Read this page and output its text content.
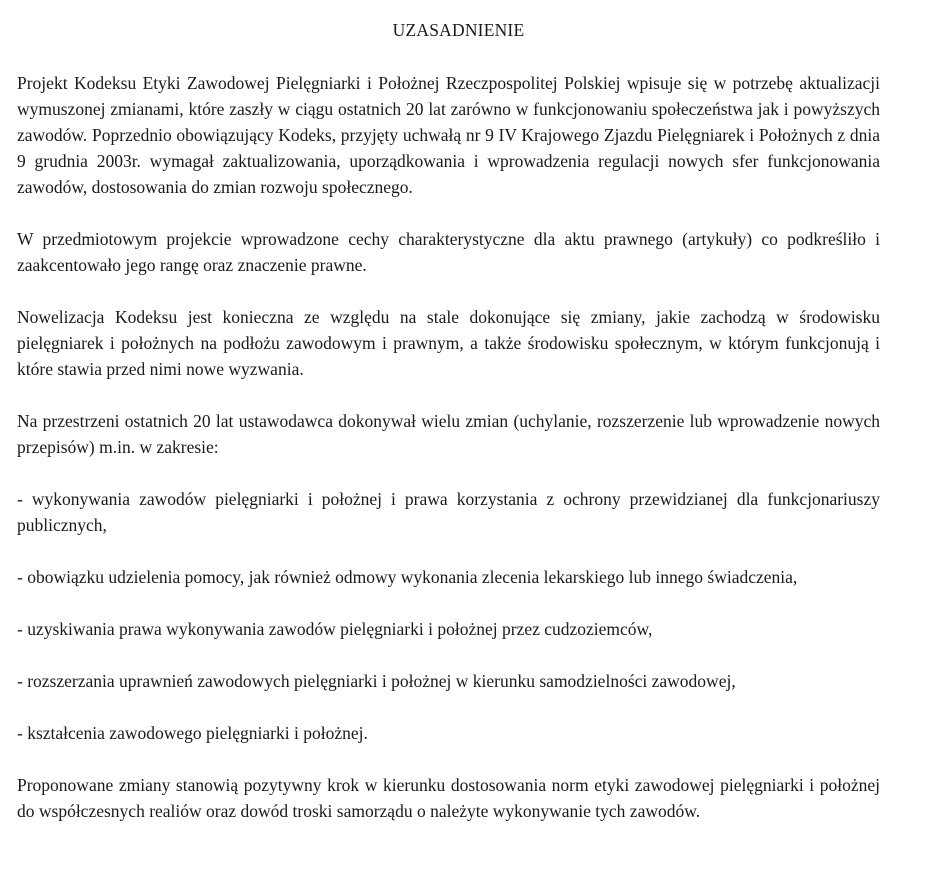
UZASADNIENIE
Projekt Kodeksu Etyki Zawodowej Pielęgniarki i Położnej Rzeczpospolitej Polskiej wpisuje się w potrzebę aktualizacji wymuszonej zmianami, które zaszły w ciągu ostatnich 20 lat zarówno w funkcjonowaniu społeczeństwa jak i powyższych zawodów. Poprzednio obowiązujący Kodeks, przyjęty uchwałą nr 9 IV Krajowego Zjazdu Pielęgniarek i Położnych z dnia 9 grudnia 2003r. wymagał zaktualizowania, uporządkowania i wprowadzenia regulacji nowych sfer funkcjonowania zawodów, dostosowania do zmian rozwoju społecznego.
W przedmiotowym projekcie wprowadzone cechy charakterystyczne dla aktu prawnego (artykuły) co podkreśliło i zaakcentowało jego rangę oraz znaczenie prawne.
Nowelizacja Kodeksu jest konieczna ze względu na stale dokonujące się zmiany, jakie zachodzą w środowisku pielęgniarek i położnych na podłożu zawodowym i prawnym, a także środowisku społecznym, w którym funkcjonują i które stawia przed nimi nowe wyzwania.
Na przestrzeni ostatnich 20 lat ustawodawca dokonywał wielu zmian (uchylanie, rozszerzenie lub wprowadzenie nowych przepisów) m.in. w zakresie:
- wykonywania zawodów pielęgniarki i położnej i prawa korzystania z ochrony przewidzianej dla funkcjonariuszy publicznych,
- obowiązku udzielenia pomocy, jak również odmowy wykonania zlecenia lekarskiego lub innego świadczenia,
- uzyskiwania prawa wykonywania zawodów pielęgniarki i położnej przez cudzoziemców,
- rozszerzania uprawnień zawodowych pielęgniarki i położnej w kierunku samodzielności zawodowej,
- kształcenia zawodowego pielęgniarki i położnej.
Proponowane zmiany stanowią pozytywny krok w kierunku dostosowania norm etyki zawodowej pielęgniarki i położnej do współczesnych realiów oraz dowód troski samorządu o należyte wykonywanie tych zawodów.
